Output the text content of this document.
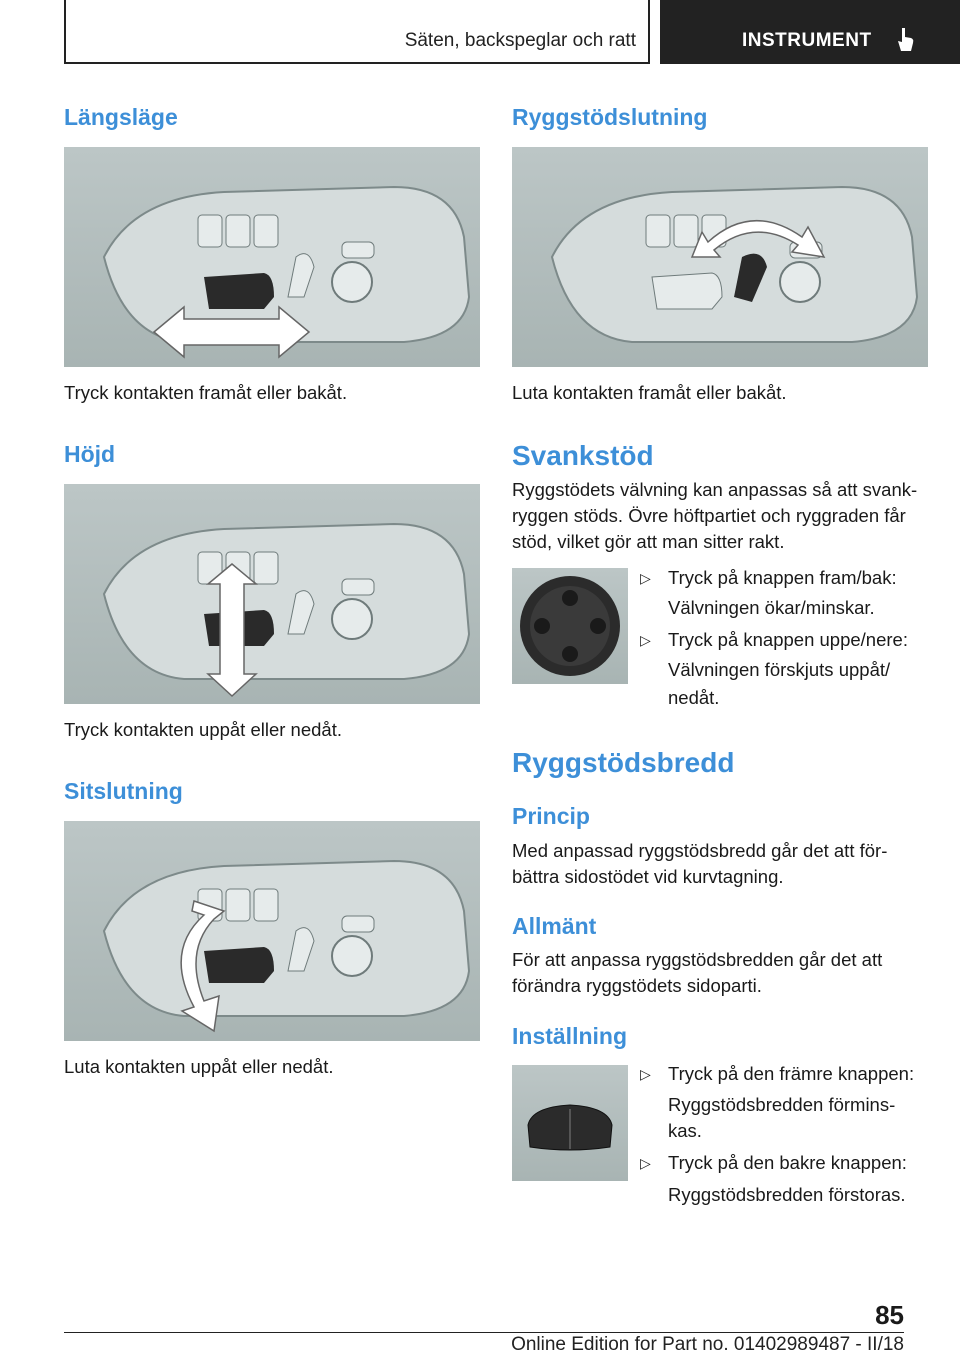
Säten, backspeglar och ratt	INSTRUMENT
Längsläge

Tryck kontakten framåt eller bakåt.

Höjd

Tryck kontakten uppåt eller nedåt.

Sitslutning

Luta kontakten uppåt eller nedåt.

Ryggstödslutning

Luta kontakten framåt eller bakåt.

Svankstöd

Ryggstödets välvning kan anpassas så att svank-

ryggen stöds. Övre höftpartiet och ryggraden får

stöd, vilket gör att man sitter rakt.

▷ Tryck på knappen fram/bak:
Välvningen ökar/minskar.
▷ Tryck på knappen uppe/nere:
Välvningen förskjuts uppåt/
nedåt.
Ryggstödsbredd
Princip

Med anpassad ryggstödsbredd går det att för-

bättra sidostödet vid kurvtagning.

Allmänt

För att anpassa ryggstödsbredden går det att

förändra ryggstödets sidoparti.

Inställning
▷ Tryck på den främre knappen:
Ryggstödsbredden förmins-
kas.
▷ Tryck på den bakre knappen:
Ryggstödsbredden förstoras.
85
Online Edition for Part no. 01402989487 - II/18
